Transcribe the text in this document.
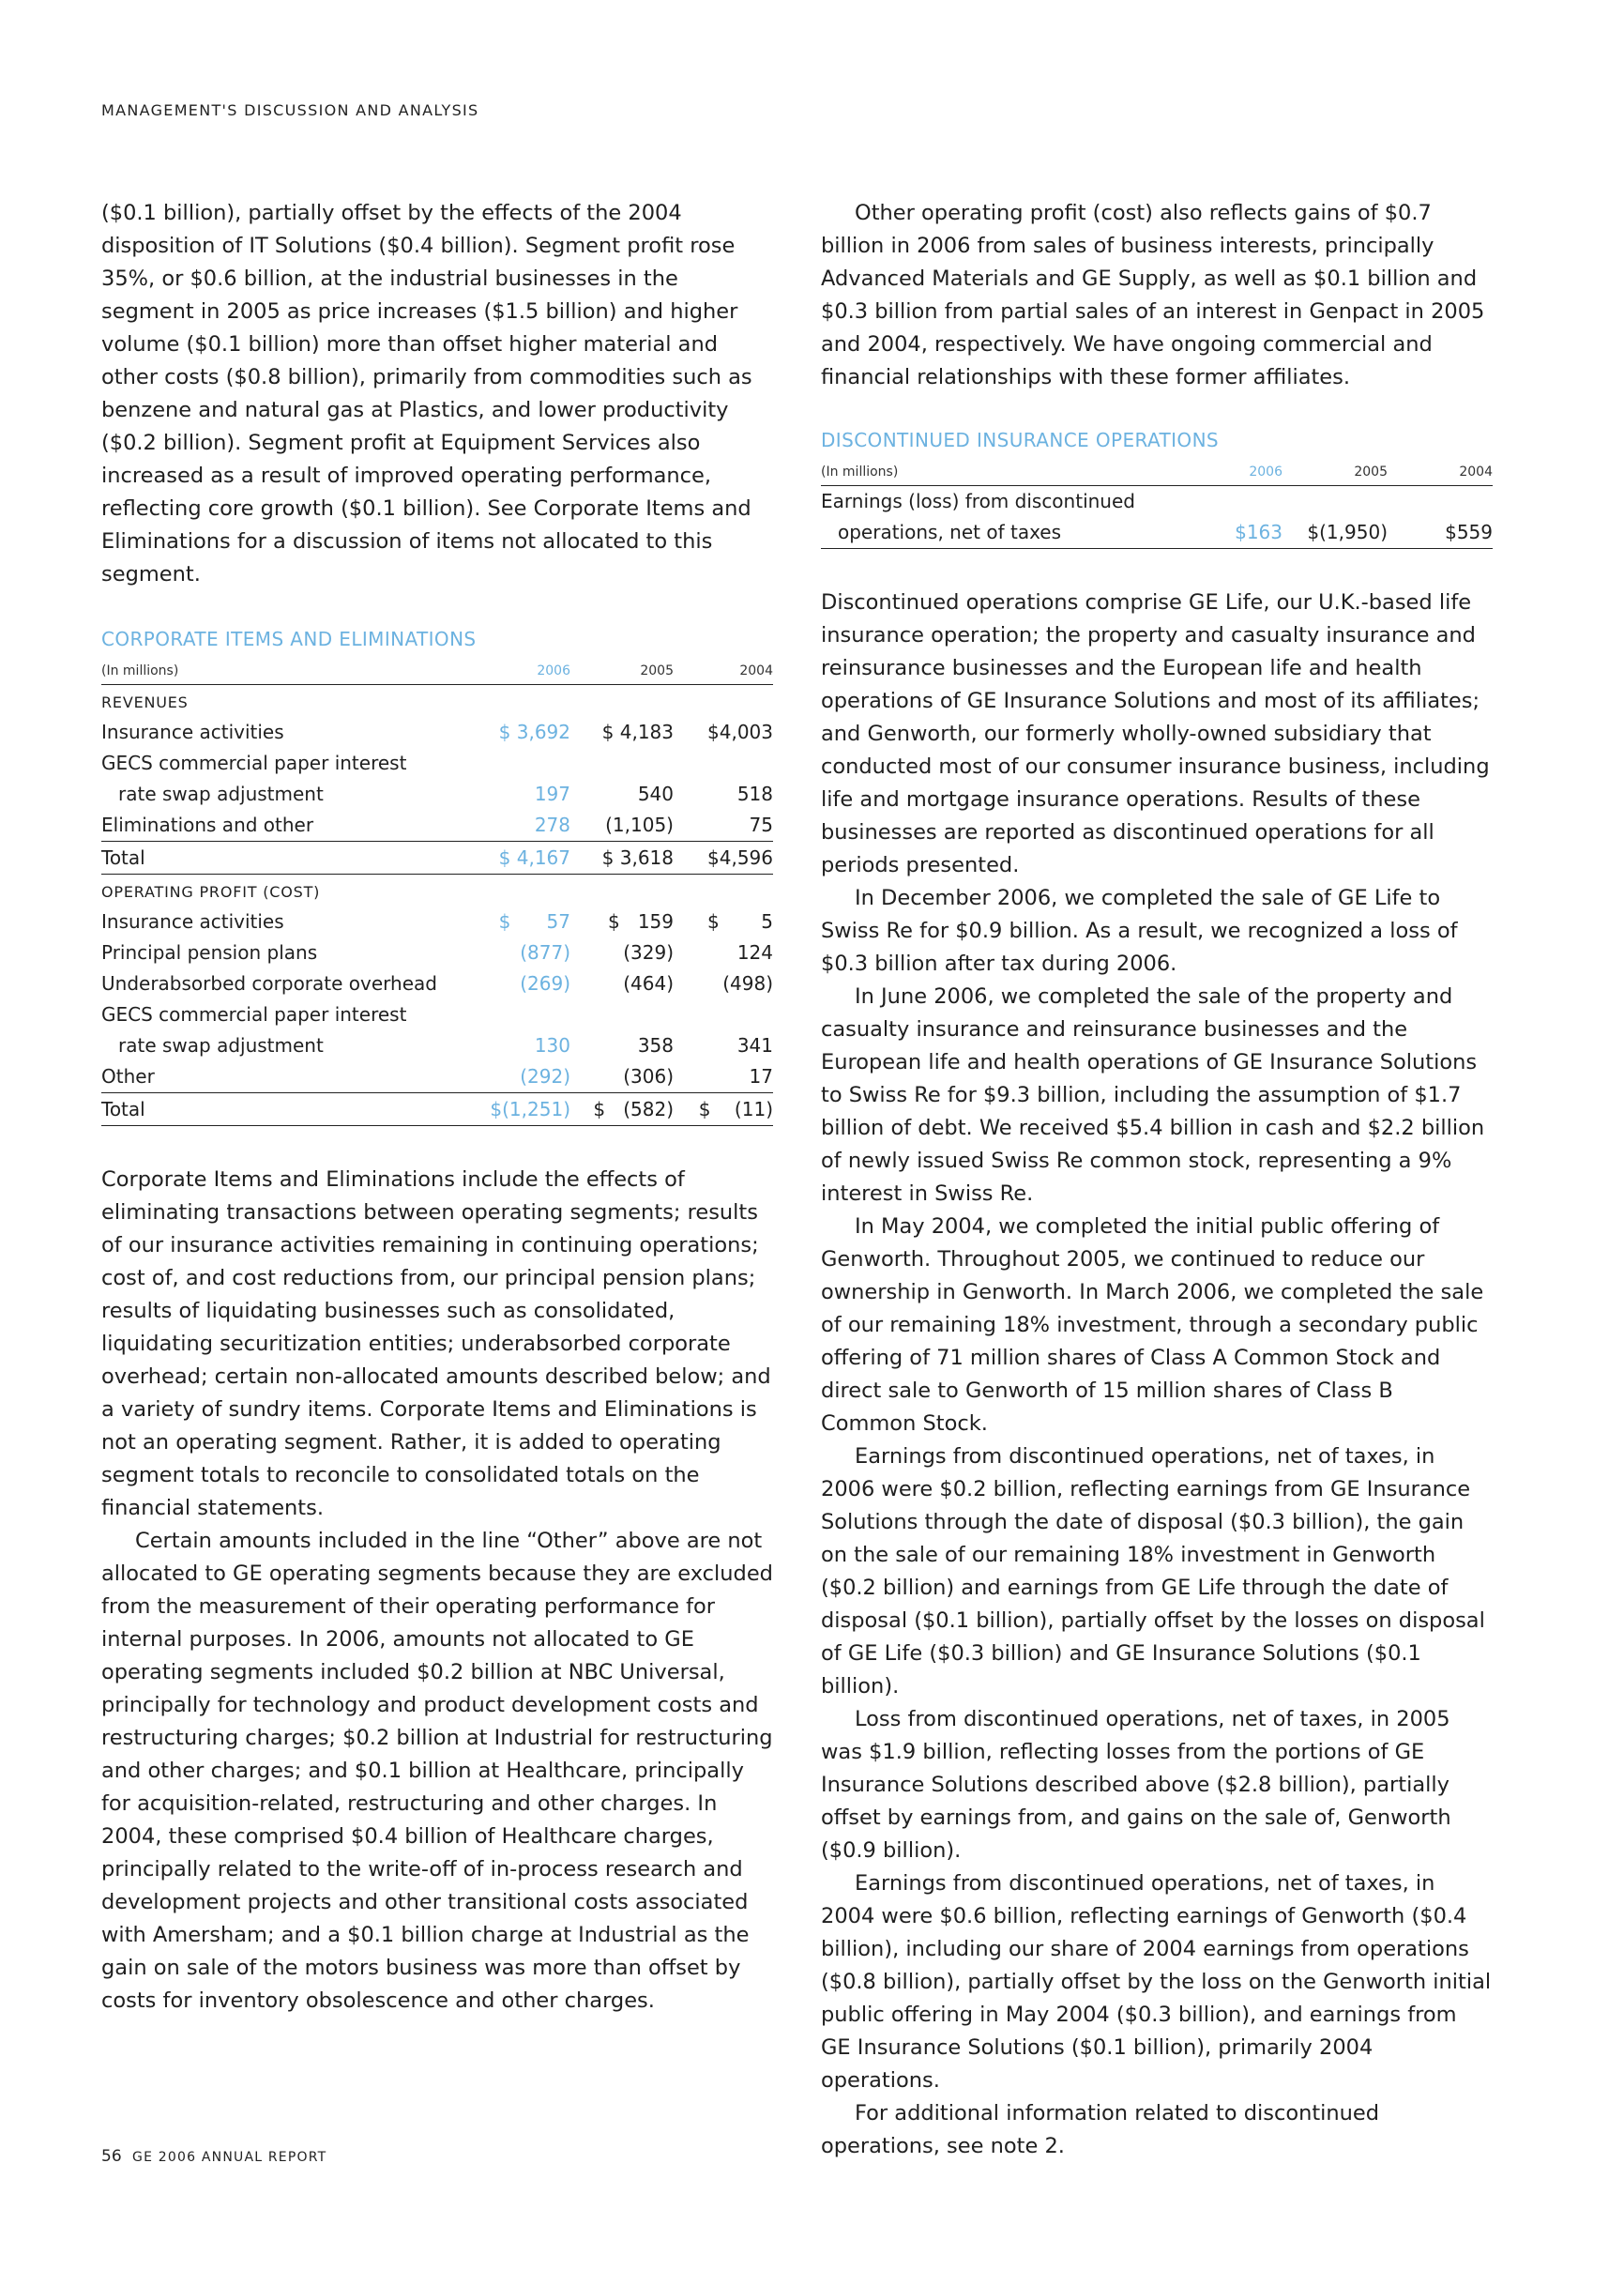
MANAGEMENT'S DISCUSSION AND ANALYSIS

($0.1 billion), partially offset by the effects of the 2004 disposition of IT Solutions ($0.4 billion). Segment profit rose 35%, or $0.6 billion, at the industrial businesses in the segment in 2005 as price increases ($1.5 billion) and higher volume ($0.1 billion) more than offset higher material and other costs ($0.8 billion), primarily from commodities such as benzene and natural gas at Plastics, and lower productivity ($0.2 billion). Segment profit at Equipment Services also increased as a result of improved operating performance, reflecting core growth ($0.1 billion). See Corporate Items and Eliminations for a discussion of items not allocated to this segment.

CORPORATE ITEMS AND ELIMINATIONS
(In millions)	2006	2005	2004
REVENUES			
Insurance activities	$ 3,692	$ 4,183	$4,003
GECS commercial paper interest			
rate swap adjustment	197	540	518
Eliminations and other	278	(1,105)	75
Total	$ 4,167	$ 3,618	$4,596
OPERATING PROFIT (COST)			
Insurance activities	$      57	$   159	$       5
Principal pension plans	(877)	(329)	124
Underabsorbed corporate overhead	(269)	(464)	(498)
GECS commercial paper interest			
rate swap adjustment	130	358	341
Other	(292)	(306)	17
Total	$(1,251)	$   (582)	$    (11)

Corporate Items and Eliminations include the effects of eliminating transactions between operating segments; results of our insurance activities remaining in continuing operations; cost of, and cost reductions from, our principal pension plans; results of liquidating businesses such as consolidated, liquidating securitization entities; underabsorbed corporate overhead; certain non-allocated amounts described below; and a variety of sundry items. Corporate Items and Eliminations is not an operating segment. Rather, it is added to operating segment totals to reconcile to consolidated totals on the financial statements.

Certain amounts included in the line “Other” above are not allocated to GE operating segments because they are excluded from the measurement of their operating performance for internal purposes. In 2006, amounts not allocated to GE operating segments included $0.2 billion at NBC Universal, principally for technology and product development costs and restructuring charges; $0.2 billion at Industrial for restructuring and other charges; and $0.1 billion at Healthcare, principally for acquisition-related, restructuring and other charges. In 2004, these comprised $0.4 billion of Healthcare charges, principally related to the write-off of in-process research and development projects and other transitional costs associated with Amersham; and a $0.1 billion charge at Industrial as the gain on sale of the motors business was more than offset by costs for inventory obsolescence and other charges.

Other operating profit (cost) also reflects gains of $0.7 billion in 2006 from sales of business interests, principally Advanced Materials and GE Supply, as well as $0.1 billion and $0.3 billion from partial sales of an interest in Genpact in 2005 and 2004, respectively. We have ongoing commercial and financial relationships with these former affiliates.

DISCONTINUED INSURANCE OPERATIONS
(In millions)	2006	2005	2004
Earnings (loss) from discontinued			
operations, net of taxes	$163	$(1,950)	$559

Discontinued operations comprise GE Life, our U.K.-based life insurance operation; the property and casualty insurance and reinsurance businesses and the European life and health operations of GE Insurance Solutions and most of its affiliates; and Genworth, our formerly wholly-owned subsidiary that conducted most of our consumer insurance business, including life and mortgage insurance operations. Results of these businesses are reported as discontinued operations for all periods presented.

In December 2006, we completed the sale of GE Life to Swiss Re for $0.9 billion. As a result, we recognized a loss of $0.3 billion after tax during 2006.

In June 2006, we completed the sale of the property and casualty insurance and reinsurance businesses and the European life and health operations of GE Insurance Solutions to Swiss Re for $9.3 billion, including the assumption of $1.7 billion of debt. We received $5.4 billion in cash and $2.2 billion of newly issued Swiss Re common stock, representing a 9% interest in Swiss Re.

In May 2004, we completed the initial public offering of Genworth. Throughout 2005, we continued to reduce our ownership in Genworth. In March 2006, we completed the sale of our remaining 18% investment, through a secondary public offering of 71 million shares of Class A Common Stock and direct sale to Genworth of 15 million shares of Class B Common Stock.

Earnings from discontinued operations, net of taxes, in 2006 were $0.2 billion, reflecting earnings from GE Insurance Solutions through the date of disposal ($0.3 billion), the gain on the sale of our remaining 18% investment in Genworth ($0.2 billion) and earnings from GE Life through the date of disposal ($0.1 billion), partially offset by the losses on disposal of GE Life ($0.3 billion) and GE Insurance Solutions ($0.1 billion).

Loss from discontinued operations, net of taxes, in 2005 was $1.9 billion, reflecting losses from the portions of GE Insurance Solutions described above ($2.8 billion), partially offset by earnings from, and gains on the sale of, Genworth ($0.9 billion).

Earnings from discontinued operations, net of taxes, in 2004 were $0.6 billion, reflecting earnings of Genworth ($0.4 billion), including our share of 2004 earnings from operations ($0.8 billion), partially offset by the loss on the Genworth initial public offering in May 2004 ($0.3 billion), and earnings from GE Insurance Solutions ($0.1 billion), primarily 2004 operations.

For additional information related to discontinued operations, see note 2.

56 GE 2006 ANNUAL REPORT
